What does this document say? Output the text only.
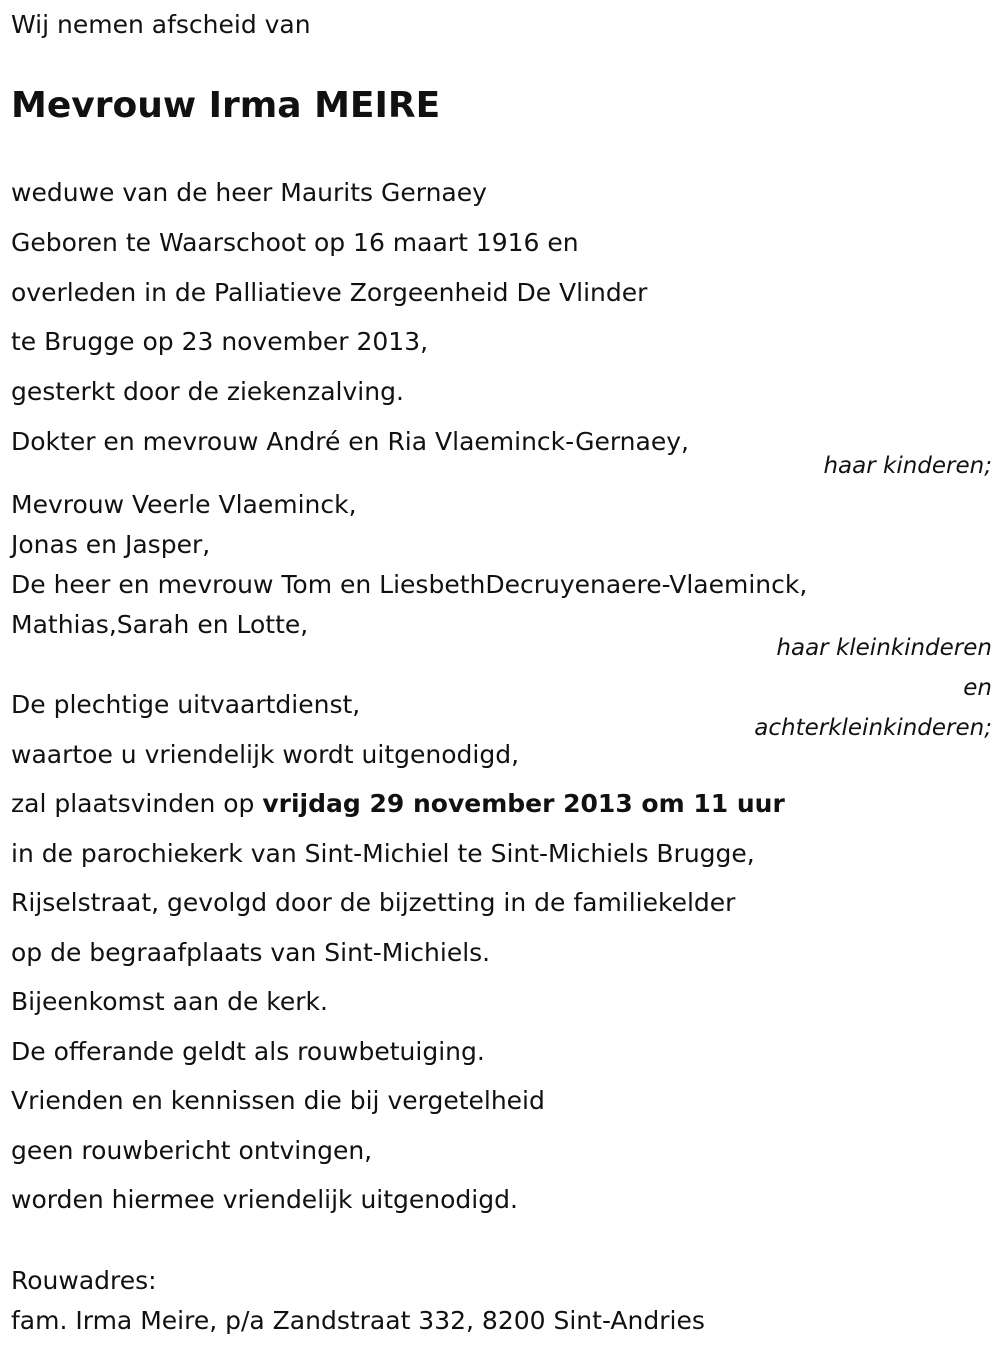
Wij nemen afscheid van
Mevrouw Irma MEIRE
weduwe van de heer Maurits Gernaey
Geboren te Waarschoot op 16 maart 1916 en
overleden in de Palliatieve Zorgeenheid De Vlinder
te Brugge op 23 november 2013,
gesterkt door de ziekenzalving.
Dokter en mevrouw André en Ria Vlaeminck-Gernaey,
haar kinderen;
Mevrouw Veerle Vlaeminck,
Jonas en Jasper,
De heer en mevrouw Tom en LiesbethDecruyenaere-Vlaeminck,
Mathias,Sarah en Lotte,
haar kleinkinderen
en
achterkleinkinderen;
De plechtige uitvaartdienst,
waartoe u vriendelijk wordt uitgenodigd,
zal plaatsvinden op vrijdag 29 november 2013 om 11 uur
in de parochiekerk van Sint-Michiel te Sint-Michiels Brugge,
Rijselstraat, gevolgd door de bijzetting in de familiekelder
op de begraafplaats van Sint-Michiels.
Bijeenkomst aan de kerk.
De offerande geldt als rouwbetuiging.
Vrienden en kennissen die bij vergetelheid
geen rouwbericht ontvingen,
worden hiermee vriendelijk uitgenodigd.
Rouwadres:
fam. Irma Meire, p/a Zandstraat 332, 8200 Sint-Andries
